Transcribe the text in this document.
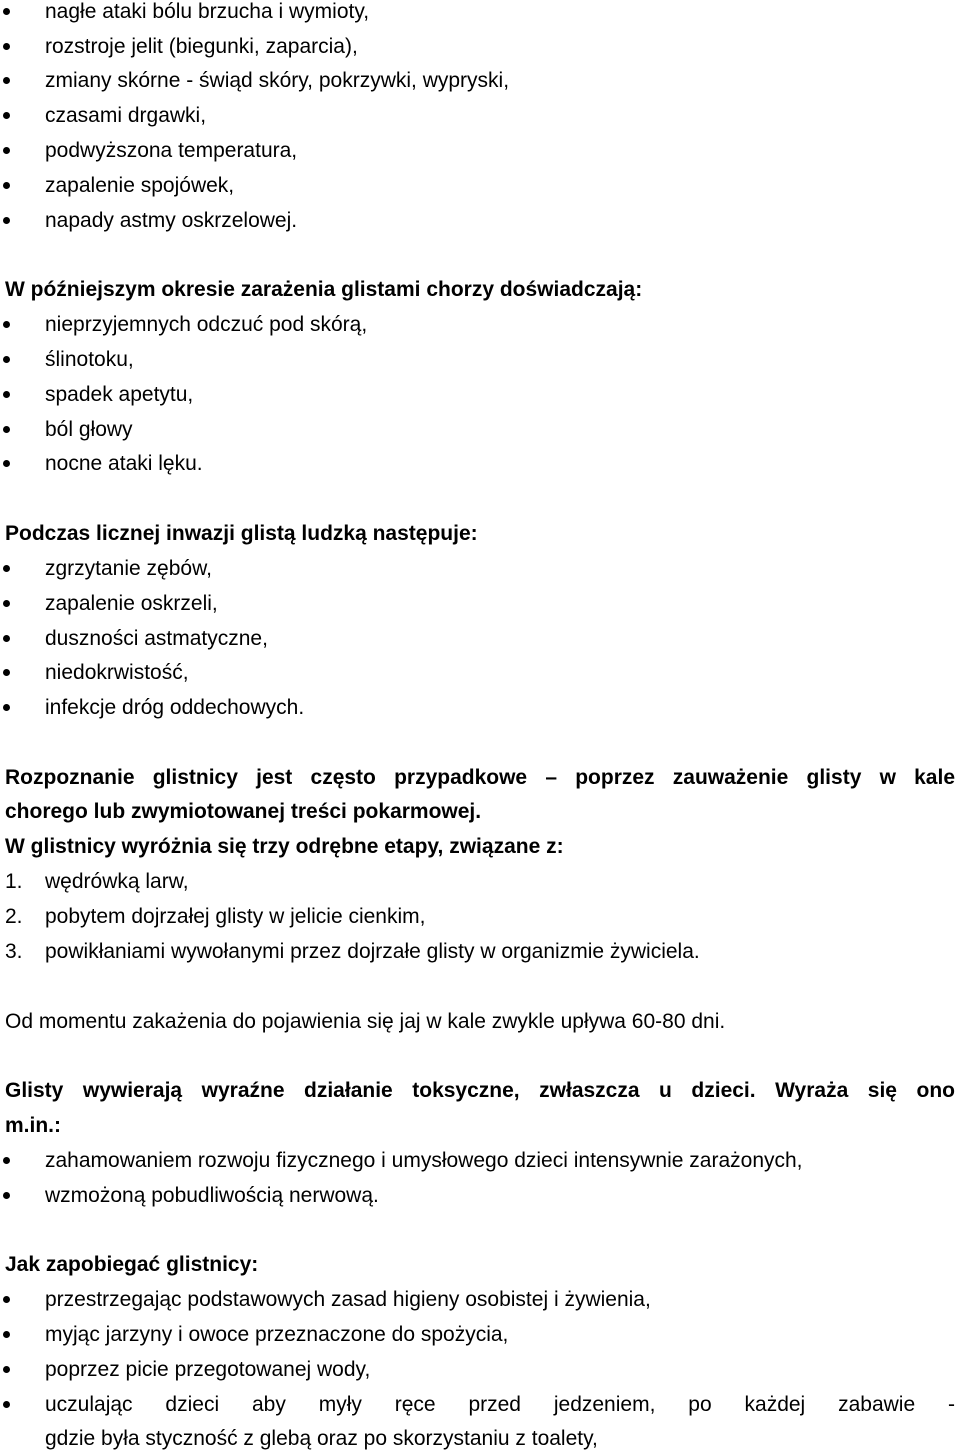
nagłe ataki bólu brzucha i wymioty,
rozstroje jelit (biegunki, zaparcia),
zmiany skórne - świąd skóry, pokrzywki, wypryski,
czasami drgawki,
podwyższona temperatura,
zapalenie spojówek,
napady astmy oskrzelowej.
W późniejszym okresie zarażenia glistami chorzy doświadczają:
nieprzyjemnych odczuć pod skórą,
ślinotoku,
spadek apetytu,
ból głowy
nocne ataki lęku.
Podczas licznej inwazji glistą ludzką następuje:
zgrzytanie zębów,
zapalenie oskrzeli,
duszności astmatyczne,
niedokrwistość,
infekcje dróg oddechowych.
Rozpoznanie glistnicy jest często przypadkowe – poprzez zauważenie glisty w kale
chorego lub zwymiotowanej treści pokarmowej.
W glistnicy wyróżnia się trzy odrębne etapy, związane z:
1. wędrówką larw,
2. pobytem dojrzałej glisty w jelicie cienkim,
3. powikłaniami wywołanymi przez dojrzałe glisty w organizmie żywiciela.
Od momentu zakażenia do pojawienia się jaj w kale zwykle upływa 60-80 dni.
Glisty wywierają wyraźne działanie toksyczne, zwłaszcza u dzieci. Wyraża się ono
m.in.:
zahamowaniem rozwoju fizycznego i umysłowego dzieci intensywnie zarażonych,
wzmożoną pobudliwością nerwową.
Jak zapobiegać glistnicy:
przestrzegając podstawowych zasad higieny osobistej i żywienia,
myjąc jarzyny i owoce przeznaczone do spożycia,
poprzez picie przegotowanej wody,
uczulając dzieci aby myły ręce przed jedzeniem, po każdej zabawie -
gdzie była styczność z glebą oraz po skorzystaniu z toalety,
